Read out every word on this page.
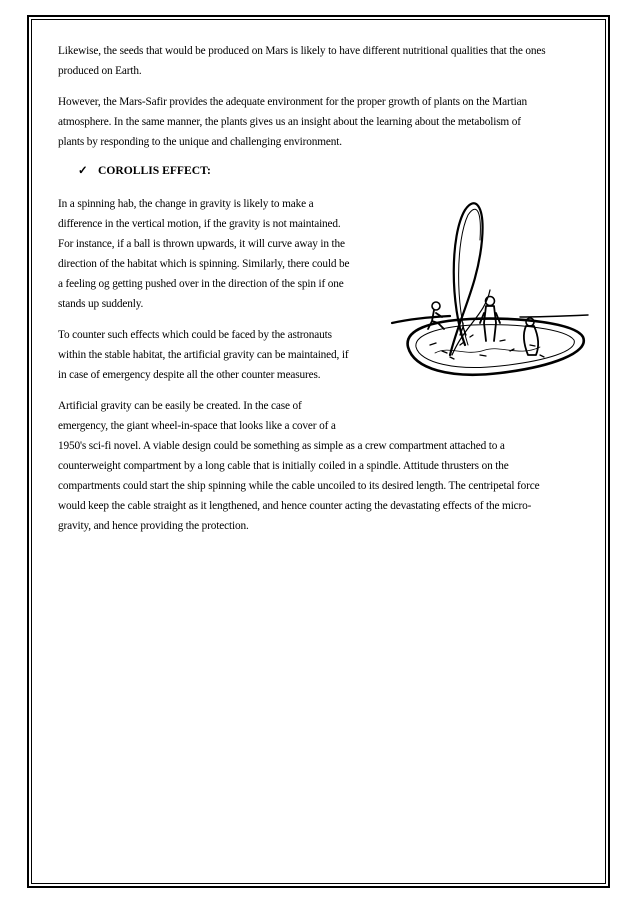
Likewise, the seeds that would be produced on Mars is likely to have different nutritional qualities that the ones
produced on Earth.
However, the Mars-Safir provides the adequate environment for the proper growth of plants on the Martian
atmosphere. In the same manner, the plants gives us an insight about the learning about the metabolism of
plants by responding to the unique and challenging environment.
✓ COROLLIS EFFECT:
In a spinning hab, the change in gravity is likely to make a
difference in the vertical motion, if the gravity is not maintained.
For instance, if a ball is thrown upwards, it will curve away in the
direction of the habitat which is spinning. Similarly, there could be
a feeling og getting pushed over in the direction of the spin if one
stands up suddenly.
To counter such effects which could be faced by the astronauts
within the stable habitat, the artificial gravity can be maintained, if
in case of emergency despite all the other counter measures.
Artificial gravity can be easily be created. In the case of
emergency, the giant wheel-in-space that looks like a cover of a
1950's sci-fi novel. A viable design could be something as simple as a crew compartment attached to a
counterweight compartment by a long cable that is initially coiled in a spindle. Attitude thrusters on the
compartments could start the ship spinning while the cable uncoiled to its desired length. The centripetal force
would keep the cable straight as it lengthened, and hence counter acting the devastating effects of the micro-
gravity, and hence providing the protection.
